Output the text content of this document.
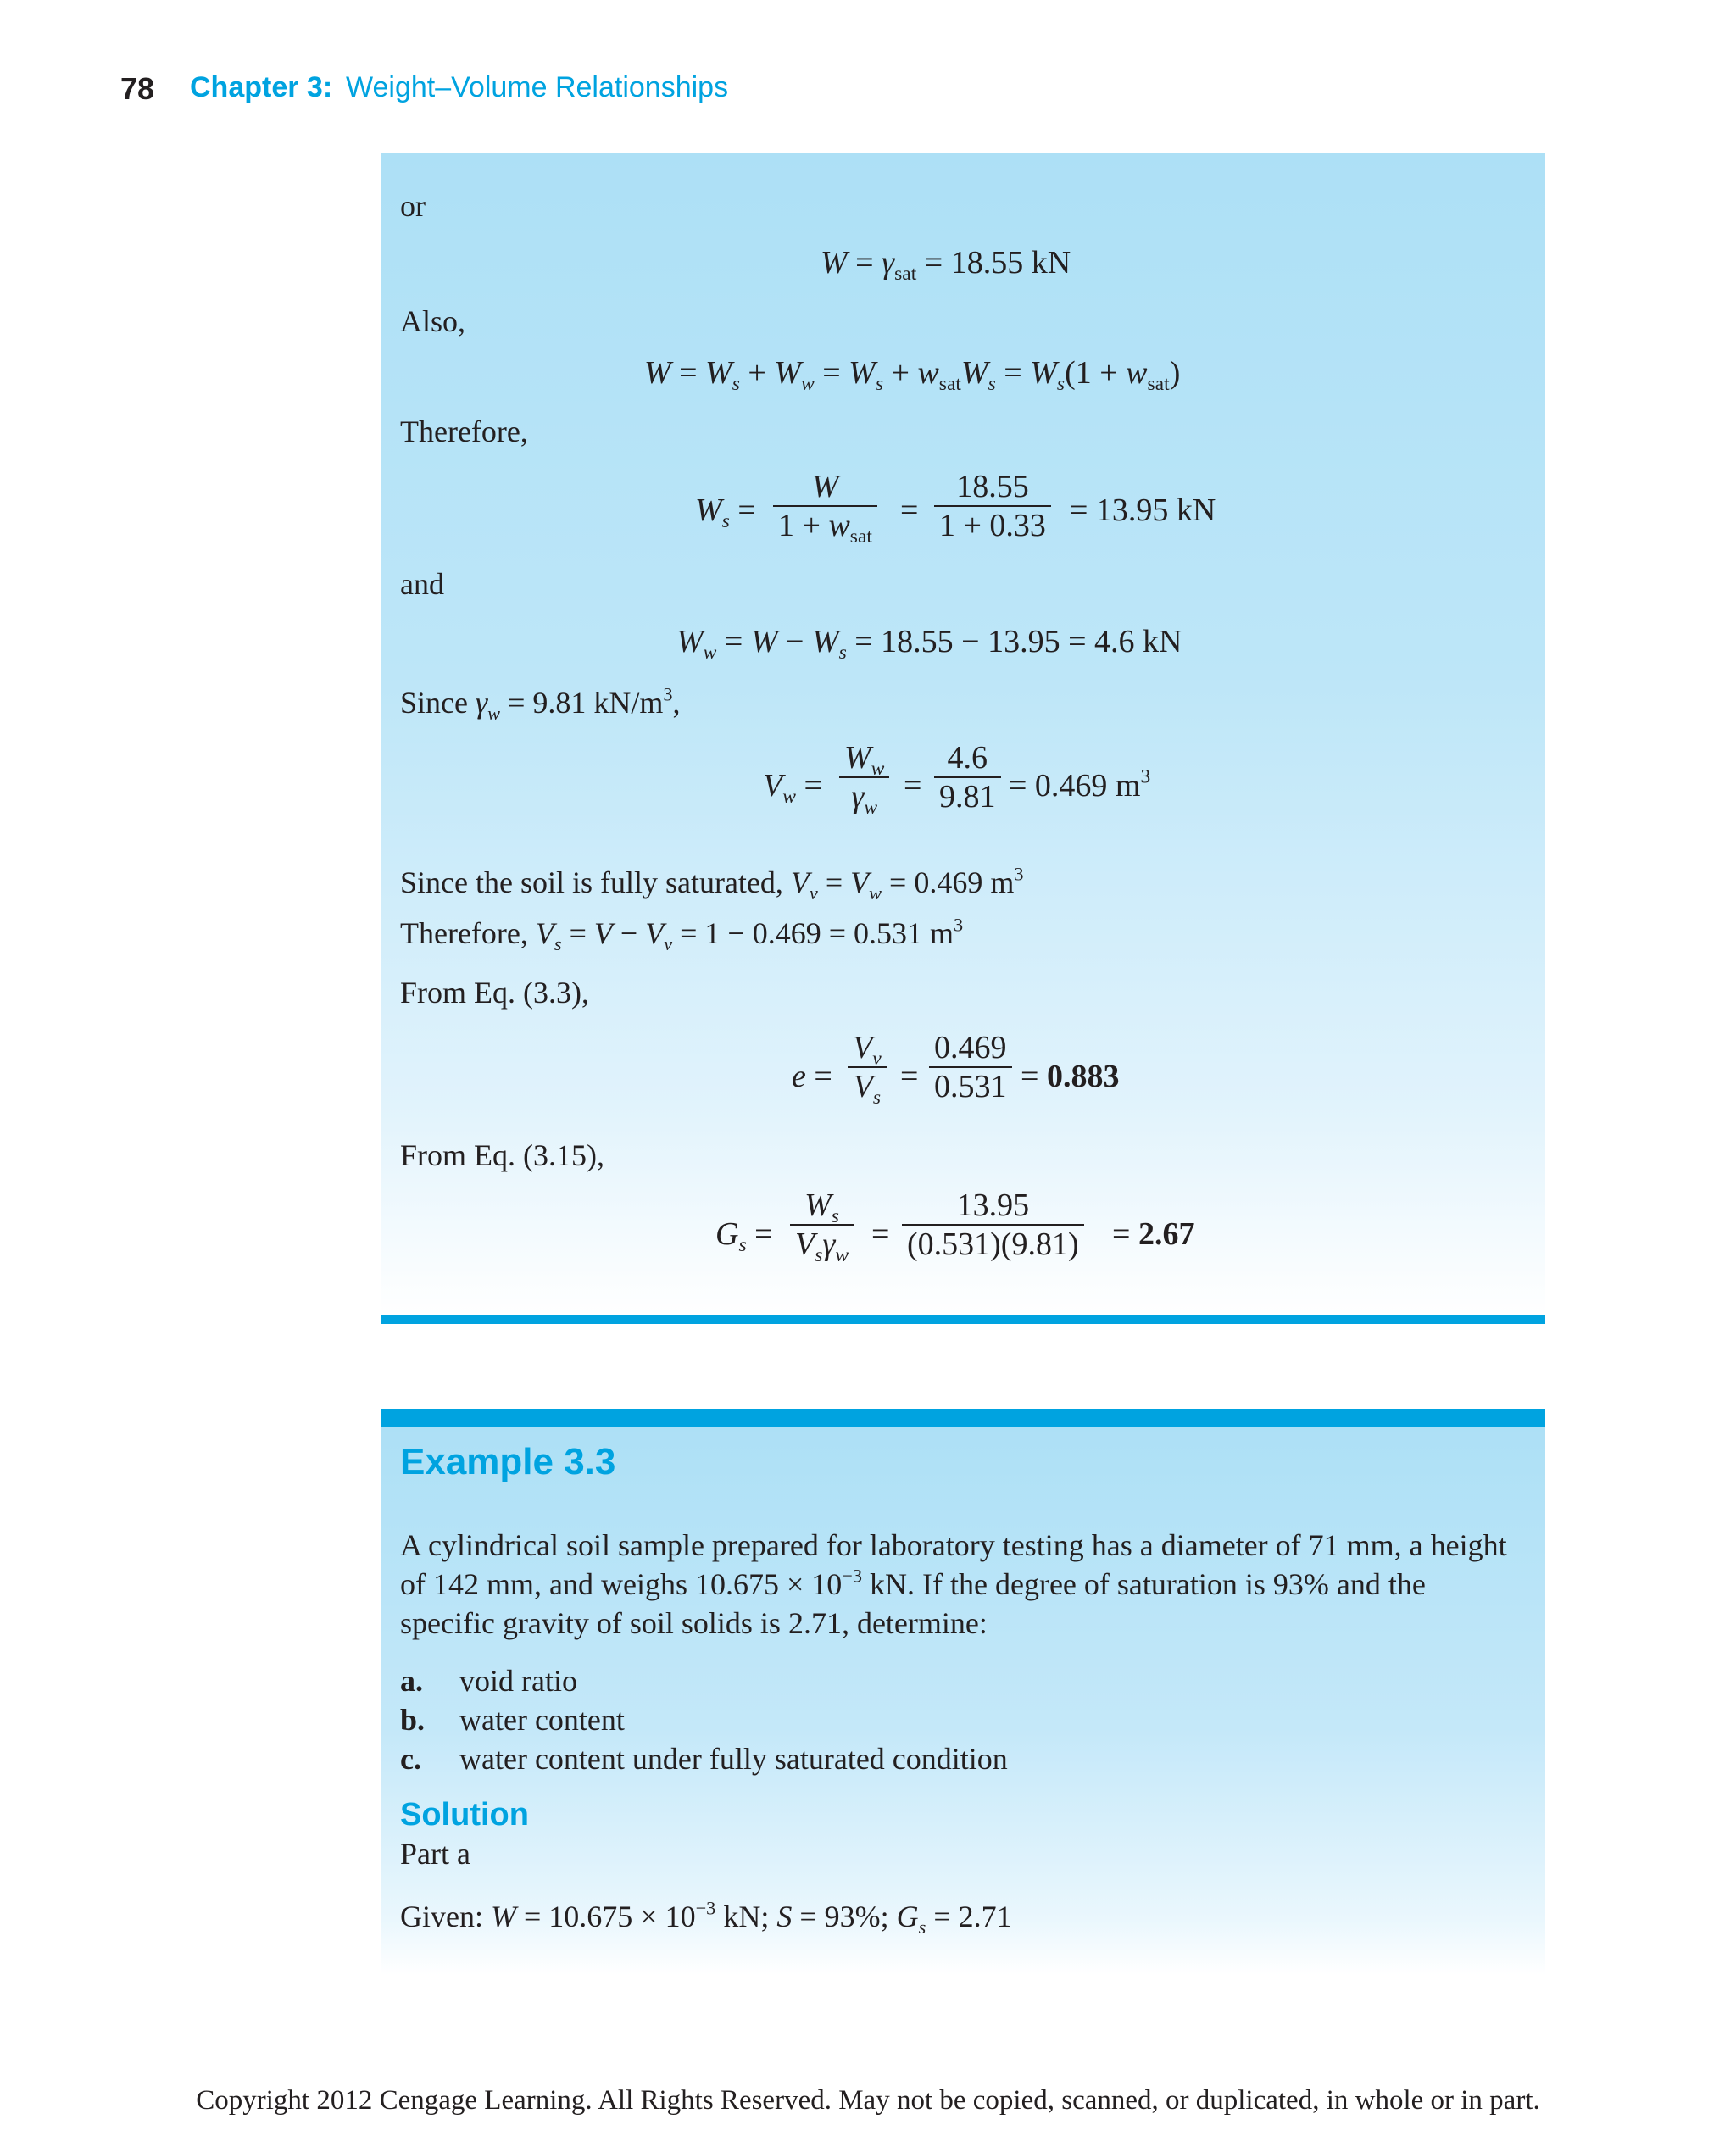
78 Chapter 3: Weight–Volume Relationships
or
$W = \gamma_{sat} = 18.55$ kN
Also,
$W = W_s + W_w = W_s + w_{sat}W_s = W_s(1 + w_{sat})$
Therefore,
$W_s$ =
W
$1 + w_{sat}$
=
18.55
1 + 0.33 = 13.95 kN
and
$W_w = W - W_s = 18.55 - 13.95 = 4.6$ kN
Since $\gamma_w = 9.81$ $kN/m^3$,
$V_w$ =
$W_w$
$\gamma_w$
=
4.6
9.81 = 0.469 $m^3$
Since the soil is fully saturated, $V_v = V_w = 0.469$ $m^3$
Therefore, $V_s = V - V_v = 1 - 0.469 = 0.531$ $m^3$
From Eq. (3.3),
e =
$V_v$
$V_s$
=
0.469
0.531 = 0.883
From Eq. (3.15),
$G_s$ =
$W_s$
$V_s\gamma_w$
=
13.95
(0.531)(9.81) = 2.67
Example 3.3
A cylindrical soil sample prepared for laboratory testing has a diameter of 71 mm, a height of 142 mm, and weighs $10.675 \times 10^{-3}$ kN. If the degree of saturation is 93% and the specific gravity of soil solids is 2.71, determine:
a. void ratio
b. water content
c. water content under fully saturated condition
Solution
Part a
Given: $W = 10.675 \times 10^{-3}$ kN; S = 93%; $G_s = 2.71$
Copyright 2012 Cengage Learning. All Rights Reserved. May not be copied, scanned, or duplicated, in whole or in part.
